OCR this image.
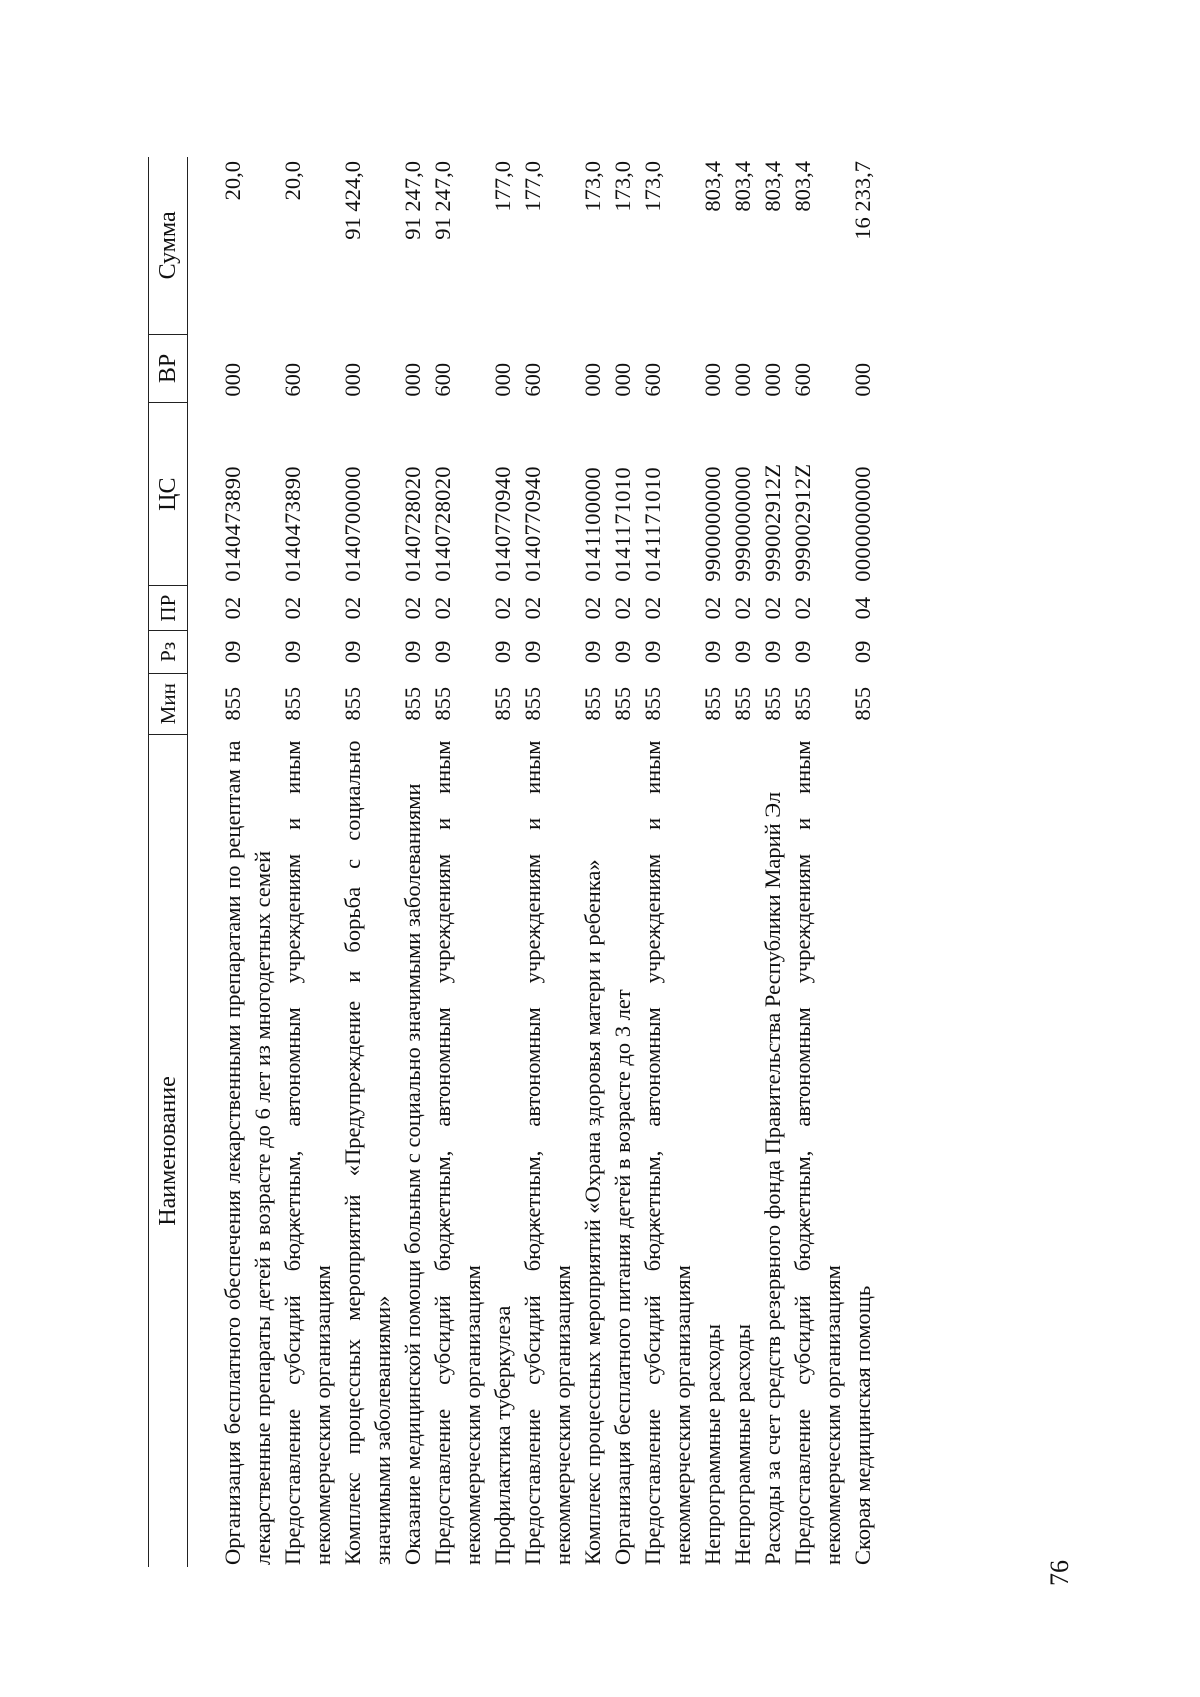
76
Наименование	Мин	Рз	ПР	ЦС	ВР	Сумма
Организация бесплатного обеспечения лекарственными препаратами по рецептам на лекарственные препараты детей в возрасте до 6 лет из многодетных семей	855	09	02	0140473890	000	20,0
Предоставление субсидий бюджетным, автономным учреждениям и иным некоммерческим организациям	855	09	02	0140473890	600	20,0
Комплекс процессных мероприятий «Предупреждение и борьба с социально значимыми заболеваниями»	855	09	02	0140700000	000	91 424,0
Оказание медицинской помощи больным с социально значимыми заболеваниями	855	09	02	0140728020	000	91 247,0
Предоставление субсидий бюджетным, автономным учреждениям и иным некоммерческим организациям	855	09	02	0140728020	600	91 247,0
Профилактика туберкулеза	855	09	02	0140770940	000	177,0
Предоставление субсидий бюджетным, автономным учреждениям и иным некоммерческим организациям	855	09	02	0140770940	600	177,0
Комплекс процессных мероприятий «Охрана здоровья матери и ребенка»	855	09	02	0141100000	000	173,0
Организация бесплатного питания детей в возрасте до 3 лет	855	09	02	0141171010	000	173,0
Предоставление субсидий бюджетным, автономным учреждениям и иным некоммерческим организациям	855	09	02	0141171010	600	173,0
Непрограммные расходы	855	09	02	9900000000	000	803,4
Непрограммные расходы	855	09	02	9990000000	000	803,4
Расходы за счет средств резервного фонда Правительства Республики Марий Эл	855	09	02	999002912Z	000	803,4
Предоставление субсидий бюджетным, автономным учреждениям и иным некоммерческим организациям	855	09	02	999002912Z	600	803,4
Скорая медицинская помощь	855	09	04	0000000000	000	16 233,7
